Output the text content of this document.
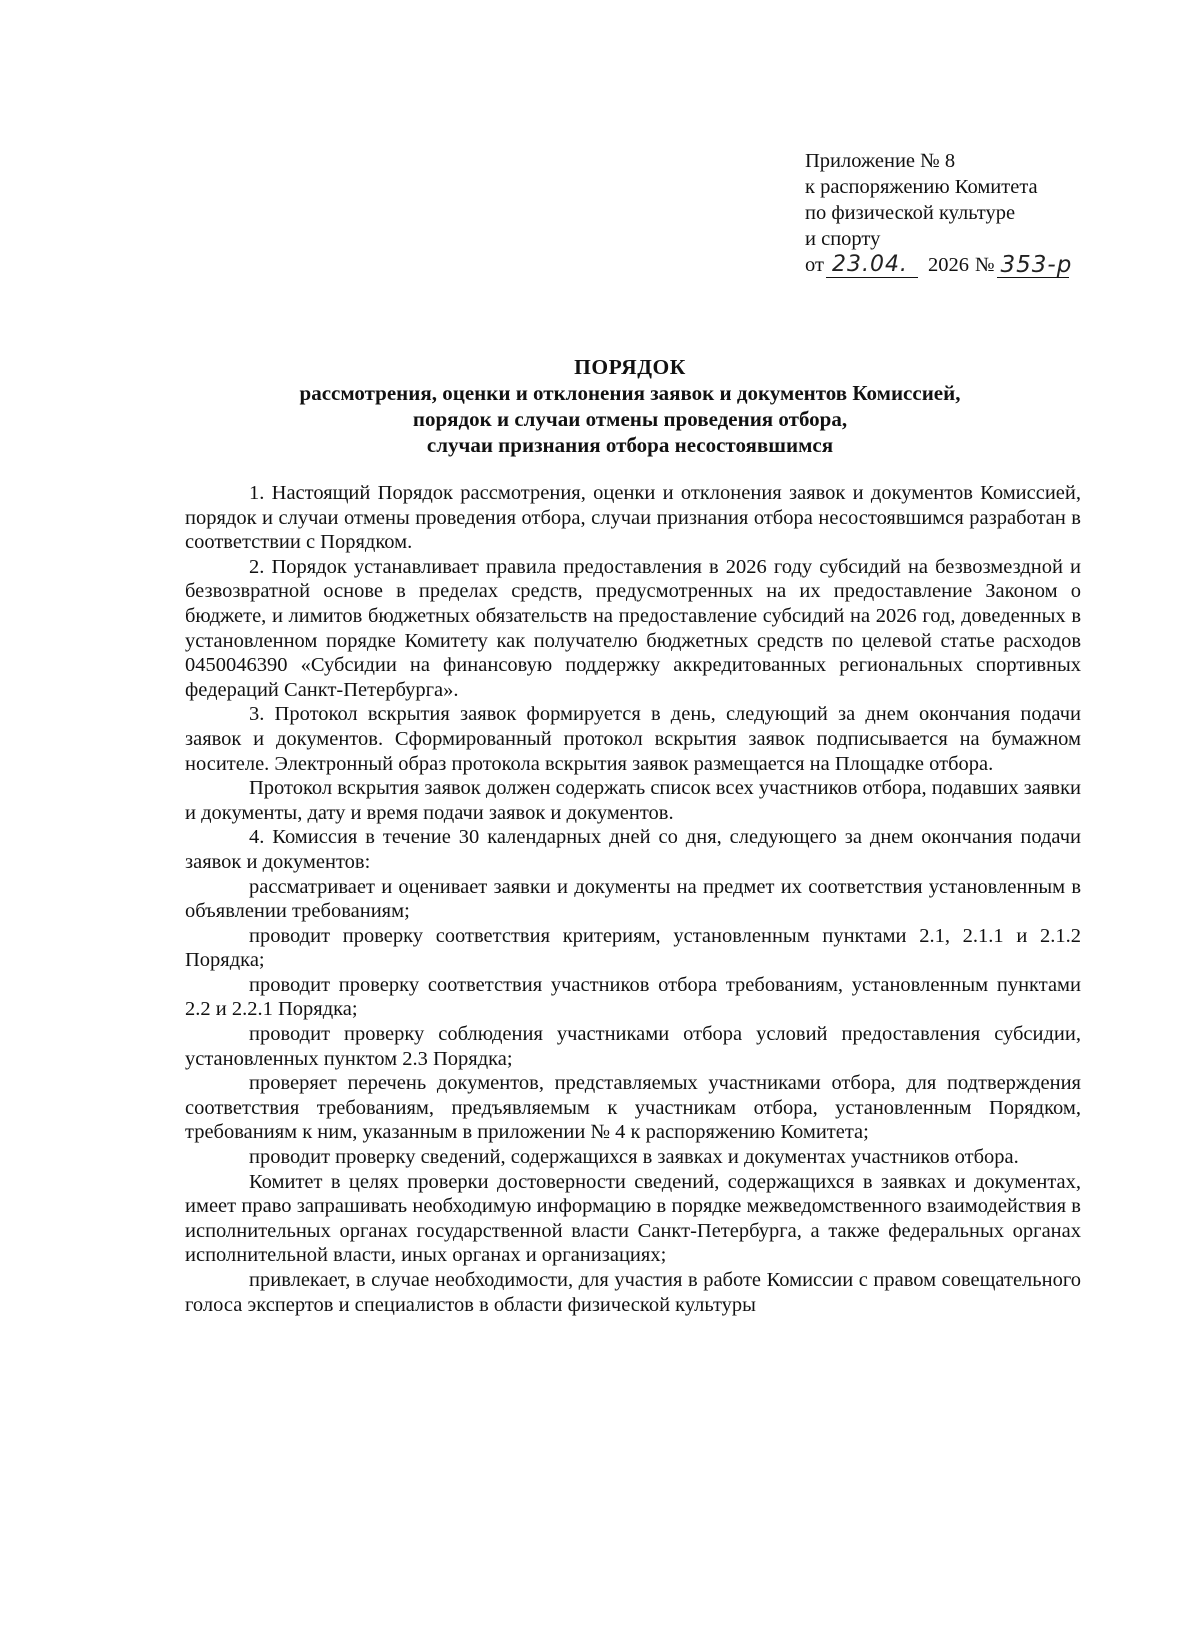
Приложение № 8
к распоряжению Комитета
по физической культуре
и спорту
от 23.04. 2026 № 353-р
ПОРЯДОК
рассмотрения, оценки и отклонения заявок и документов Комиссией,
порядок и случаи отмены проведения отбора,
случаи признания отбора несостоявшимся

1. Настоящий Порядок рассмотрения, оценки и отклонения заявок и документов Комиссией, порядок и случаи отмены проведения отбора, случаи признания отбора несостоявшимся разработан в соответствии с Порядком.

2. Порядок устанавливает правила предоставления в 2026 году субсидий на безвозмездной и безвозвратной основе в пределах средств, предусмотренных на их предоставление Законом о бюджете, и лимитов бюджетных обязательств на предоставление субсидий на 2026 год, доведенных в установленном порядке Комитету как получателю бюджетных средств по целевой статье расходов 0450046390 «Субсидии на финансовую поддержку аккредитованных региональных спортивных федераций Санкт-Петербурга».

3. Протокол вскрытия заявок формируется в день, следующий за днем окончания подачи заявок и документов. Сформированный протокол вскрытия заявок подписывается на бумажном носителе. Электронный образ протокола вскрытия заявок размещается на Площадке отбора.

Протокол вскрытия заявок должен содержать список всех участников отбора, подавших заявки и документы, дату и время подачи заявок и документов.

4. Комиссия в течение 30 календарных дней со дня, следующего за днем окончания подачи заявок и документов:

рассматривает и оценивает заявки и документы на предмет их соответствия установленным в объявлении требованиям;

проводит проверку соответствия критериям, установленным пунктами 2.1, 2.1.1 и 2.1.2 Порядка;

проводит проверку соответствия участников отбора требованиям, установленным пунктами 2.2 и 2.2.1 Порядка;

проводит проверку соблюдения участниками отбора условий предоставления субсидии, установленных пунктом 2.3 Порядка;

проверяет перечень документов, представляемых участниками отбора, для подтверждения соответствия требованиям, предъявляемым к участникам отбора, установленным Порядком, требованиям к ним, указанным в приложении № 4 к распоряжению Комитета;

проводит проверку сведений, содержащихся в заявках и документах участников отбора.

Комитет в целях проверки достоверности сведений, содержащихся в заявках и документах, имеет право запрашивать необходимую информацию в порядке межведомственного взаимодействия в исполнительных органах государственной власти Санкт-Петербурга, а также федеральных органах исполнительной власти, иных органах и организациях;

привлекает, в случае необходимости, для участия в работе Комиссии с правом совещательного голоса экспертов и специалистов в области физической культуры
